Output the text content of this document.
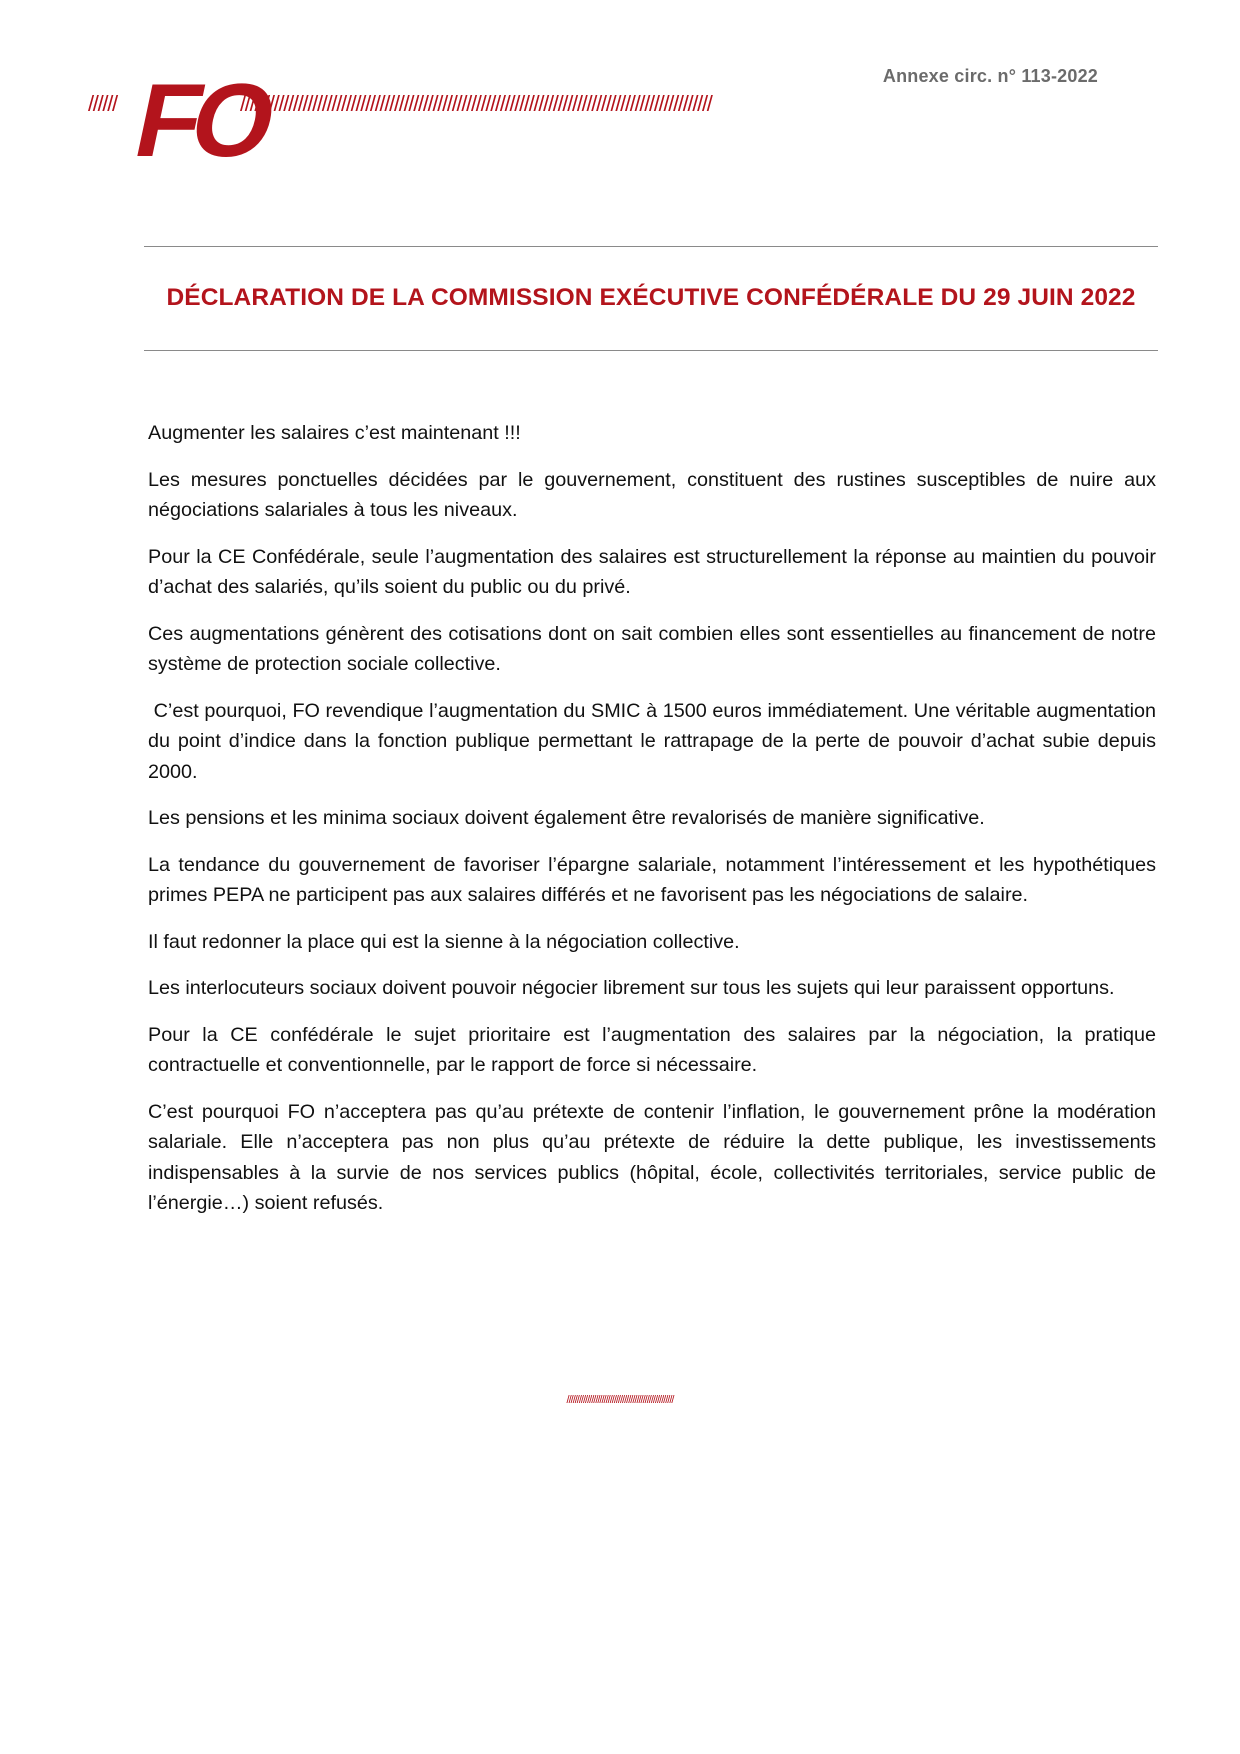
Annexe circ. n° 113-2022
//////	//////////////////////////////////////////////////////////////////////////////////////////////////
FO
DÉCLARATION DE LA COMMISSION EXÉCUTIVE CONFÉDÉRALE DU 29 JUIN 2022

Augmenter les salaires c’est maintenant !!!

Les mesures ponctuelles décidées par le gouvernement, constituent des rustines susceptibles de nuire aux négociations salariales à tous les niveaux.

Pour la CE Confédérale, seule l’augmentation des salaires est structurellement la réponse au maintien du pouvoir d’achat des salariés, qu’ils soient du public ou du privé.

Ces augmentations génèrent des cotisations dont on sait combien elles sont essentielles au financement de notre système de protection sociale collective.

C’est pourquoi, FO revendique l’augmentation du SMIC à 1500 euros immédiatement. Une véritable augmentation du point d’indice dans la fonction publique permettant le rattrapage de la perte de pouvoir d’achat subie depuis 2000.

Les pensions et les minima sociaux doivent également être revalorisés de manière significative.

La tendance du gouvernement de favoriser l’épargne salariale, notamment l’intéressement et les hypothétiques primes PEPA ne participent pas aux salaires différés et ne favorisent pas les négociations de salaire.

Il faut redonner la place qui est la sienne à la négociation collective.

Les interlocuteurs sociaux doivent pouvoir négocier librement sur tous les sujets qui leur paraissent opportuns.

Pour la CE confédérale le sujet prioritaire est l’augmentation des salaires par la négociation, la pratique contractuelle et conventionnelle, par le rapport de force si nécessaire.

C’est pourquoi FO n’acceptera pas qu’au prétexte de contenir l’inflation, le gouvernement prône la modération salariale. Elle n’acceptera pas non plus qu’au prétexte de réduire la dette publique, les investissements indispensables à la survie de nos services publics (hôpital, école, collectivités territoriales, service public de l’énergie…) soient refusés.

////////////////////////////////////////////////////
